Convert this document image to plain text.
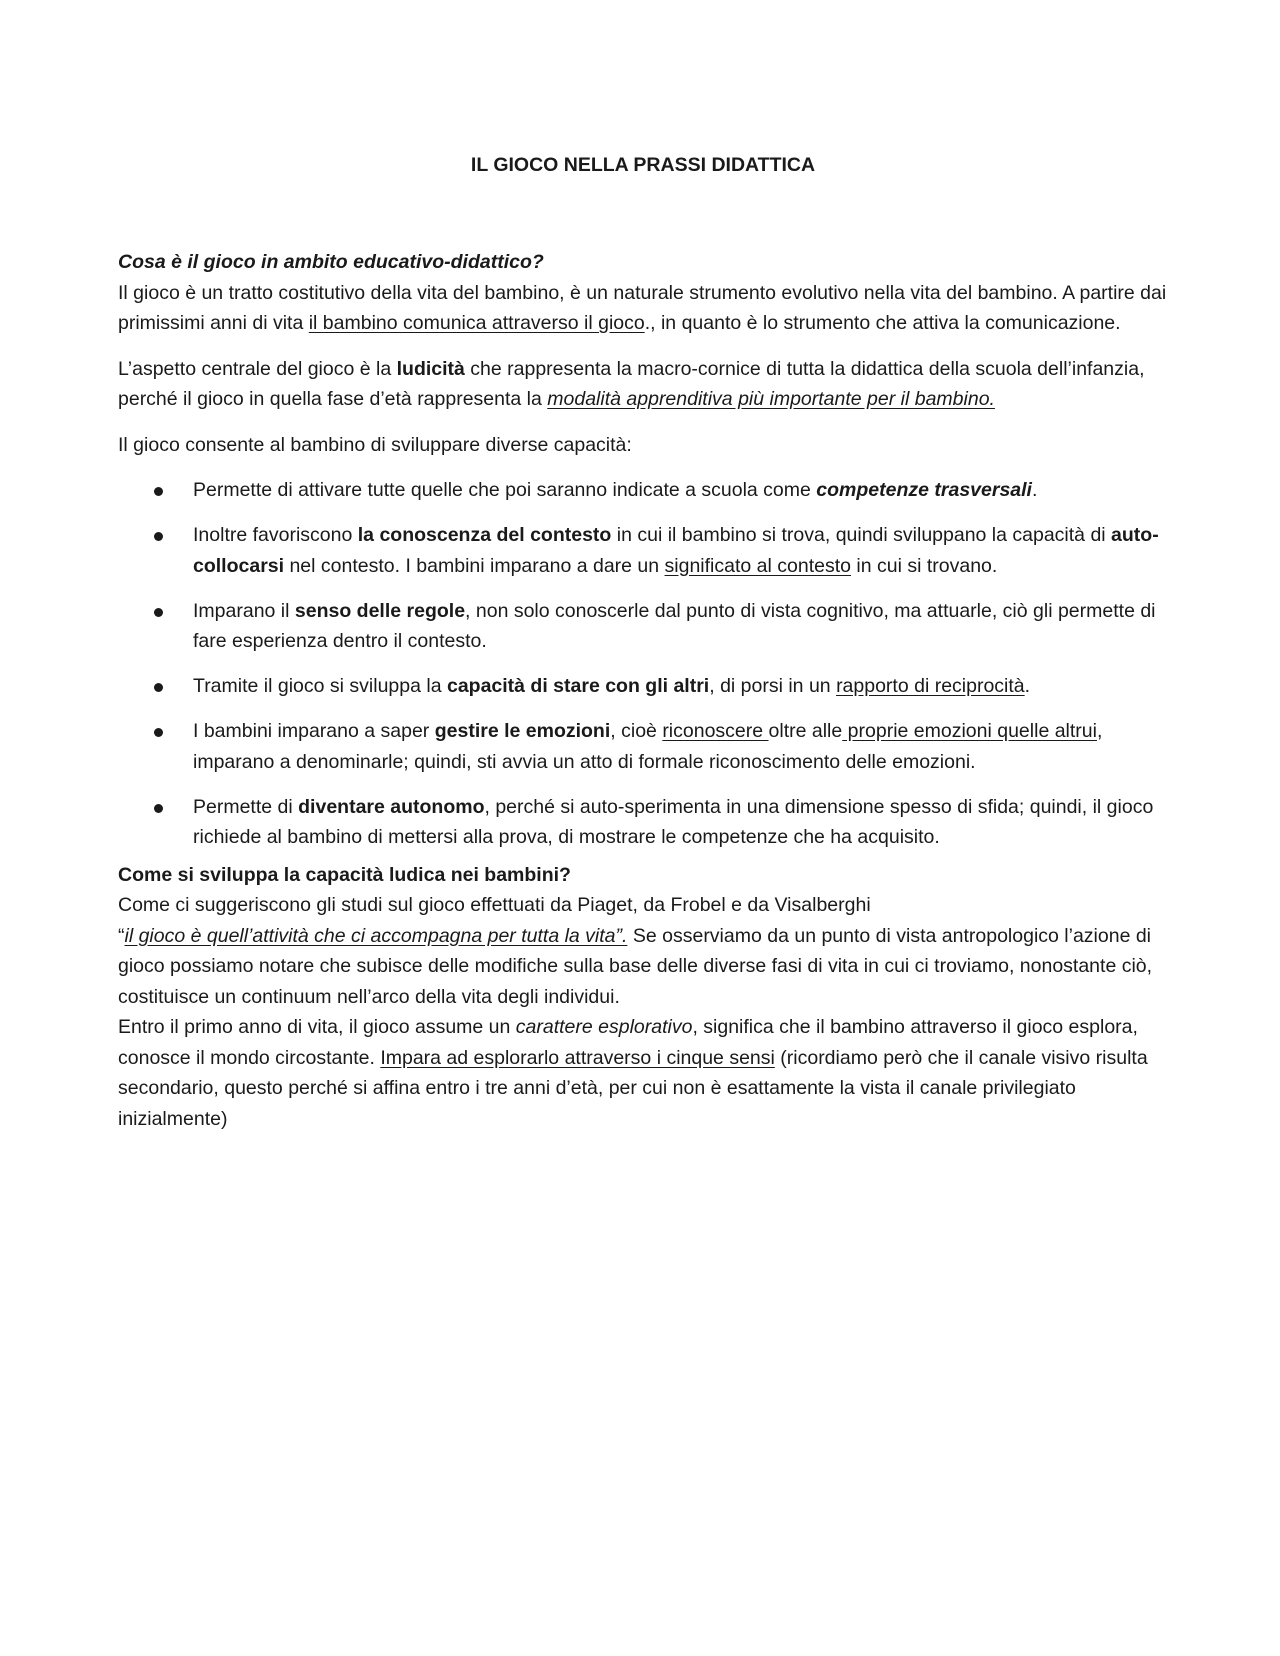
IL GIOCO NELLA PRASSI DIDATTICA

Cosa è il gioco in ambito educativo-didattico?

Il gioco è un tratto costitutivo della vita del bambino, è un naturale strumento evolutivo nella vita del bambino. A partire dai primissimi anni di vita il bambino comunica attraverso il gioco., in quanto è lo strumento che attiva la comunicazione.

L’aspetto centrale del gioco è la ludicità che rappresenta la macro-cornice di tutta la didattica della scuola dell’infanzia, perché il gioco in quella fase d’età rappresenta la modalità apprenditiva più importante per il bambino.

Il gioco consente al bambino di sviluppare diverse capacità:

Permette di attivare tutte quelle che poi saranno indicate a scuola come competenze trasversali.
Inoltre favoriscono la conoscenza del contesto in cui il bambino si trova, quindi sviluppano la capacità di auto-collocarsi nel contesto. I bambini imparano a dare un significato al contesto in cui si trovano.
Imparano il senso delle regole, non solo conoscerle dal punto di vista cognitivo, ma attuarle, ciò gli permette di fare esperienza dentro il contesto.
Tramite il gioco si sviluppa la capacità di stare con gli altri, di porsi in un rapporto di reciprocità.
I bambini imparano a saper gestire le emozioni, cioè riconoscere oltre alle proprie emozioni quelle altrui, imparano a denominarle; quindi, sti avvia un atto di formale riconoscimento delle emozioni.
Permette di diventare autonomo, perché si auto-sperimenta in una dimensione spesso di sfida; quindi, il gioco richiede al bambino di mettersi alla prova, di mostrare le competenze che ha acquisito.

Come si sviluppa la capacità ludica nei bambini?

Come ci suggeriscono gli studi sul gioco effettuati da Piaget, da Frobel e da Visalberghi
“il gioco è quell’attività che ci accompagna per tutta la vita”. Se osserviamo da un punto di vista antropologico l’azione di gioco possiamo notare che subisce delle modifiche sulla base delle diverse fasi di vita in cui ci troviamo, nonostante ciò, costituisce un continuum nell’arco della vita degli individui.

Entro il primo anno di vita, il gioco assume un carattere esplorativo, significa che il bambino attraverso il gioco esplora, conosce il mondo circostante. Impara ad esplorarlo attraverso i cinque sensi (ricordiamo però che il canale visivo risulta secondario, questo perché si affina entro i tre anni d’età, per cui non è esattamente la vista il canale privilegiato inizialmente)
